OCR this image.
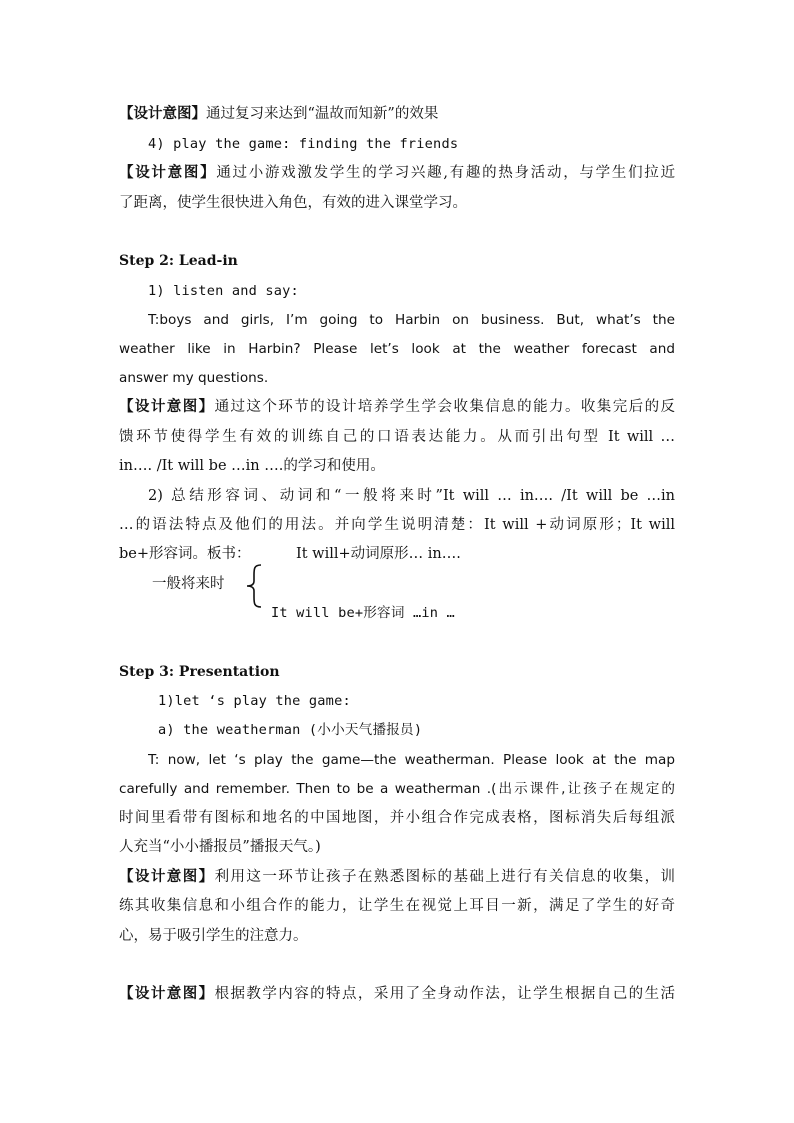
【设计意图】通过复习来达到“温故而知新”的效果
4) play the game: finding the friends
【设计意图】通过小游戏激发学生的学习兴趣,有趣的热身活动，与学生们拉近
了距离，使学生很快进入角色，有效的进入课堂学习。
Step 2: Lead-in
1) listen and say:
T:boys and girls, I’m going to Harbin on business. But, what’s the
weather like in Harbin? Please let’s look at the weather forecast and
answer my questions.
【设计意图】通过这个环节的设计培养学生学会收集信息的能力。收集完后的反
馈环节使得学生有效的训练自己的口语表达能力。从而引出句型 It will …
in…. /It will be …in ….的学习和使用。
2) 总结形容词、动词和“一般将来时”It will … in…. /It will be …in
…的语法特点及他们的用法。并向学生说明清楚：It will +动词原形；It will
be+形容词。板书：	It will+动词原形… in….
一般将来时
It will be+形容词 …in …
Step 3: Presentation
1)let ‘s play the game:
a) the weatherman (小小天气播报员)
T: now, let ‘s play the game—the weatherman. Please look at the map
carefully and remember. Then to be a weatherman .(出示课件,让孩子在规定的
时间里看带有图标和地名的中国地图，并小组合作完成表格，图标消失后每组派
人充当“小小播报员”播报天气。)
【设计意图】利用这一环节让孩子在熟悉图标的基础上进行有关信息的收集，训
练其收集信息和小组合作的能力，让学生在视觉上耳目一新，满足了学生的好奇
心，易于吸引学生的注意力。
【设计意图】根据教学内容的特点，采用了全身动作法，让学生根据自己的生活
